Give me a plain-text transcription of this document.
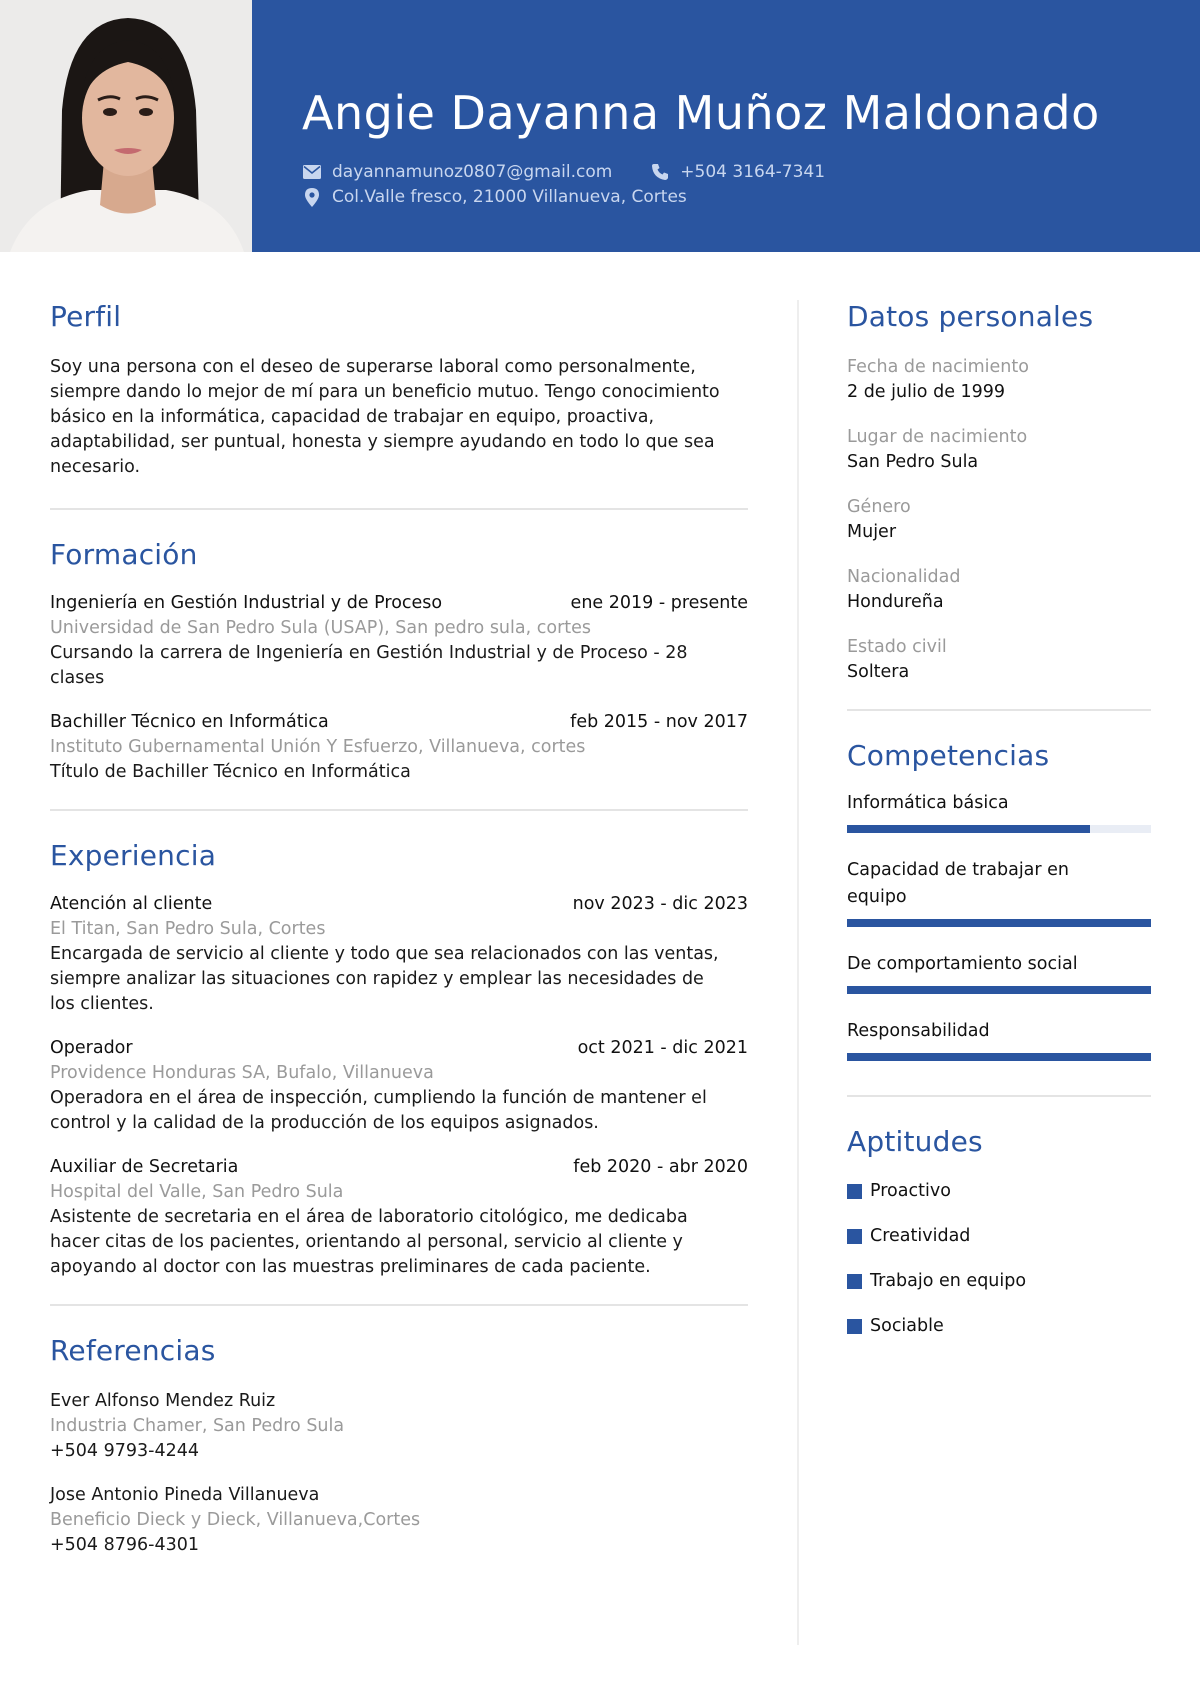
Angie Dayanna Muñoz Maldonado
dayannamunoz0807@gmail.com	+504 3164-7341
Col.Valle fresco, 21000 Villanueva, Cortes
Perfil
Soy una persona con el deseo de superarse laboral como personalmente,
siempre dando lo mejor de mí para un beneficio mutuo. Tengo conocimiento
básico en la informática, capacidad de trabajar en equipo, proactiva,
adaptabilidad, ser puntual, honesta y siempre ayudando en todo lo que sea
necesario.
Formación
Ingeniería en Gestión Industrial y de Proceso	ene 2019 - presente
Universidad de San Pedro Sula (USAP), San pedro sula, cortes
Cursando la carrera de Ingeniería en Gestión Industrial y de Proceso - 28
clases
Bachiller Técnico en Informática	feb 2015 - nov 2017
Instituto Gubernamental Unión Y Esfuerzo, Villanueva, cortes
Título de Bachiller Técnico en Informática
Experiencia
Atención al cliente	nov 2023 - dic 2023
El Titan, San Pedro Sula, Cortes
Encargada de servicio al cliente y todo que sea relacionados con las ventas,
siempre analizar las situaciones con rapidez y emplear las necesidades de
los clientes.
Operador	oct 2021 - dic 2021
Providence Honduras SA, Bufalo, Villanueva
Operadora en el área de inspección, cumpliendo la función de mantener el
control y la calidad de la producción de los equipos asignados.
Auxiliar de Secretaria	feb 2020 - abr 2020
Hospital del Valle, San Pedro Sula
Asistente de secretaria en el área de laboratorio citológico, me dedicaba
hacer citas de los pacientes, orientando al personal, servicio al cliente y
apoyando al doctor con las muestras preliminares de cada paciente.
Referencias
Ever Alfonso Mendez Ruiz
Industria Chamer, San Pedro Sula
+504 9793-4244
Jose Antonio Pineda Villanueva
Beneficio Dieck y Dieck, Villanueva,Cortes
+504 8796-4301
Datos personales
Fecha de nacimiento
2 de julio de 1999
Lugar de nacimiento
San Pedro Sula
Género
Mujer
Nacionalidad
Hondureña
Estado civil
Soltera
Competencias
Informática básica
Capacidad de trabajar en
equipo
De comportamiento social
Responsabilidad
Aptitudes
Proactivo
Creatividad
Trabajo en equipo
Sociable
